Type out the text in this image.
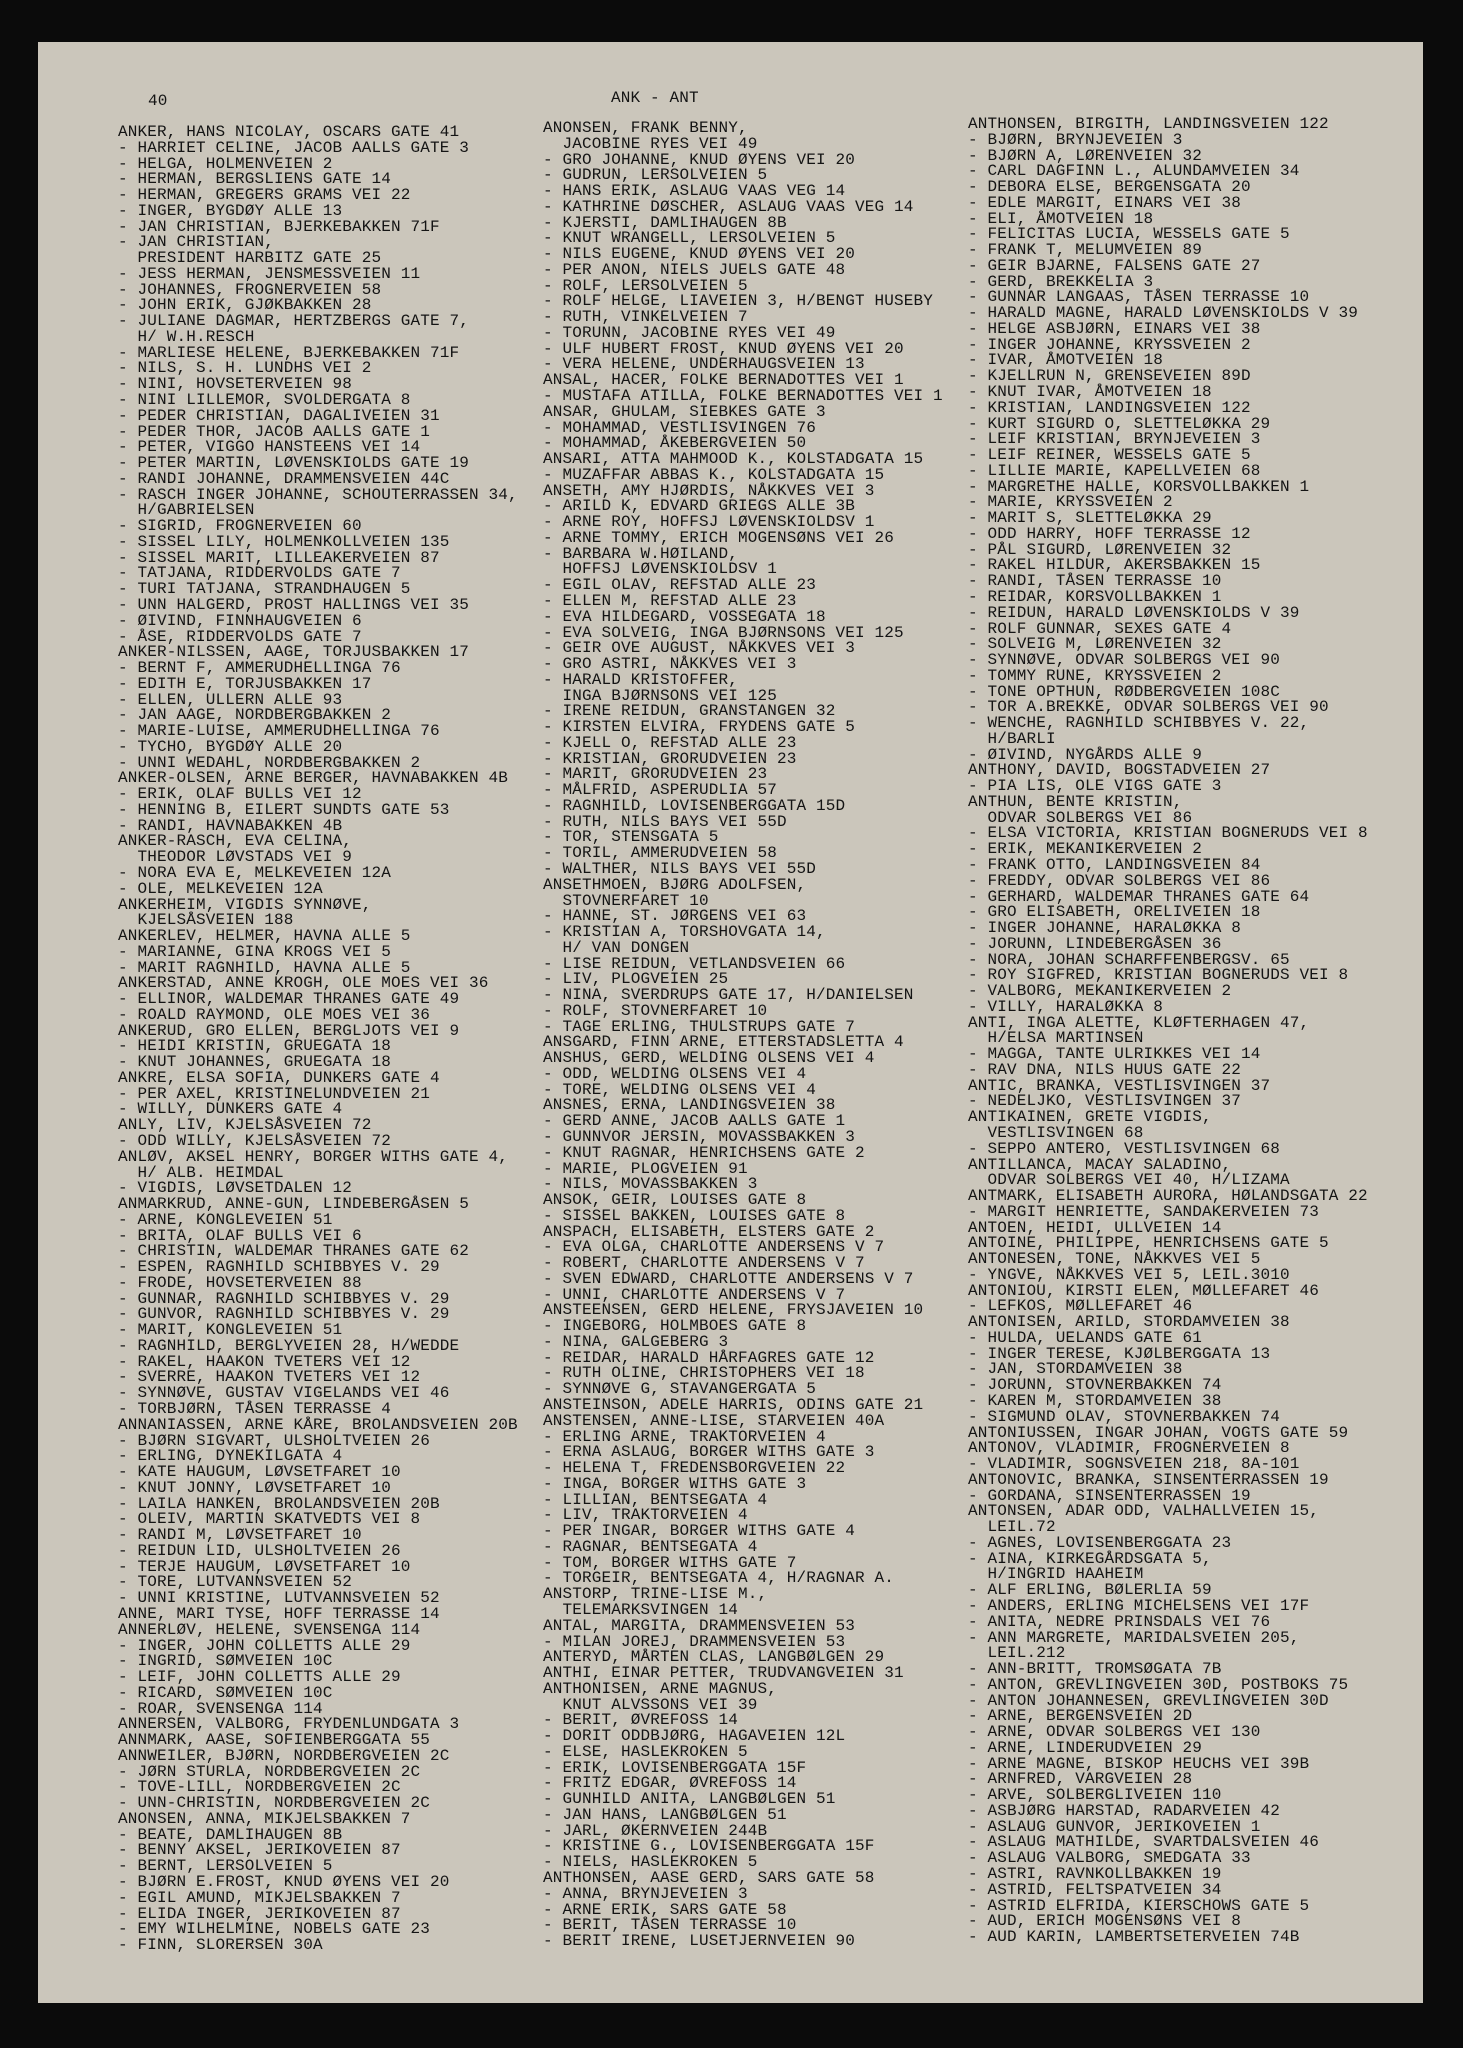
40	ANK - ANT
ANKER, HANS NICOLAY, OSCARS GATE 41
- HARRIET CELINE, JACOB AALLS GATE 3
- HELGA, HOLMENVEIEN 2
- HERMAN, BERGSLIENS GATE 14
- HERMAN, GREGERS GRAMS VEI 22
- INGER, BYGDØY ALLE 13
- JAN CHRISTIAN, BJERKEBAKKEN 71F
- JAN CHRISTIAN,
PRESIDENT HARBITZ GATE 25
- JESS HERMAN, JENSMESSVEIEN 11
- JOHANNES, FROGNERVEIEN 58
- JOHN ERIK, GJØKBAKKEN 28
- JULIANE DAGMAR, HERTZBERGS GATE 7,
H/ W.H.RESCH
- MARLIESE HELENE, BJERKEBAKKEN 71F
- NILS, S. H. LUNDHS VEI 2
- NINI, HOVSETERVEIEN 98
- NINI LILLEMOR, SVOLDERGATA 8
- PEDER CHRISTIAN, DAGALIVEIEN 31
- PEDER THOR, JACOB AALLS GATE 1
- PETER, VIGGO HANSTEENS VEI 14
- PETER MARTIN, LØVENSKIOLDS GATE 19
- RANDI JOHANNE, DRAMMENSVEIEN 44C
- RASCH INGER JOHANNE, SCHOUTERRASSEN 34,
H/GABRIELSEN
- SIGRID, FROGNERVEIEN 60
- SISSEL LILY, HOLMENKOLLVEIEN 135
- SISSEL MARIT, LILLEAKERVEIEN 87
- TATJANA, RIDDERVOLDS GATE 7
- TURI TATJANA, STRANDHAUGEN 5
- UNN HALGERD, PROST HALLINGS VEI 35
- ØIVIND, FINNHAUGVEIEN 6
- ÅSE, RIDDERVOLDS GATE 7
ANKER-NILSSEN, AAGE, TORJUSBAKKEN 17
- BERNT F, AMMERUDHELLINGA 76
- EDITH E, TORJUSBAKKEN 17
- ELLEN, ULLERN ALLE 93
- JAN AAGE, NORDBERGBAKKEN 2
- MARIE-LUISE, AMMERUDHELLINGA 76
- TYCHO, BYGDØY ALLE 20
- UNNI WEDAHL, NORDBERGBAKKEN 2
ANKER-OLSEN, ARNE BERGER, HAVNABAKKEN 4B
- ERIK, OLAF BULLS VEI 12
- HENNING B, EILERT SUNDTS GATE 53
- RANDI, HAVNABAKKEN 4B
ANKER-RASCH, EVA CELINA,
THEODOR LØVSTADS VEI 9
- NORA EVA E, MELKEVEIEN 12A
- OLE, MELKEVEIEN 12A
ANKERHEIM, VIGDIS SYNNØVE,
KJELSÅSVEIEN 188
ANKERLEV, HELMER, HAVNA ALLE 5
- MARIANNE, GINA KROGS VEI 5
- MARIT RAGNHILD, HAVNA ALLE 5
ANKERSTAD, ANNE KROGH, OLE MOES VEI 36
- ELLINOR, WALDEMAR THRANES GATE 49
- ROALD RAYMOND, OLE MOES VEI 36
ANKERUD, GRO ELLEN, BERGLJOTS VEI 9
- HEIDI KRISTIN, GRUEGATA 18
- KNUT JOHANNES, GRUEGATA 18
ANKRE, ELSA SOFIA, DUNKERS GATE 4
- PER AXEL, KRISTINELUNDVEIEN 21
- WILLY, DUNKERS GATE 4
ANLY, LIV, KJELSÅSVEIEN 72
- ODD WILLY, KJELSÅSVEIEN 72
ANLØV, AKSEL HENRY, BORGER WITHS GATE 4,
H/ ALB. HEIMDAL
- VIGDIS, LØVSETDALEN 12
ANMARKRUD, ANNE-GUN, LINDEBERGÅSEN 5
- ARNE, KONGLEVEIEN 51
- BRITA, OLAF BULLS VEI 6
- CHRISTIN, WALDEMAR THRANES GATE 62
- ESPEN, RAGNHILD SCHIBBYES V. 29
- FRODE, HOVSETERVEIEN 88
- GUNNAR, RAGNHILD SCHIBBYES V. 29
- GUNVOR, RAGNHILD SCHIBBYES V. 29
- MARIT, KONGLEVEIEN 51
- RAGNHILD, BERGLYVEIEN 28, H/WEDDE
- RAKEL, HAAKON TVETERS VEI 12
- SVERRE, HAAKON TVETERS VEI 12
- SYNNØVE, GUSTAV VIGELANDS VEI 46
- TORBJØRN, TÅSEN TERRASSE 4
ANNANIASSEN, ARNE KÅRE, BROLANDSVEIEN 20B
- BJØRN SIGVART, ULSHOLTVEIEN 26
- ERLING, DYNEKILGATA 4
- KATE HAUGUM, LØVSETFARET 10
- KNUT JONNY, LØVSETFARET 10
- LAILA HANKEN, BROLANDSVEIEN 20B
- OLEIV, MARTIN SKATVEDTS VEI 8
- RANDI M, LØVSETFARET 10
- REIDUN LID, ULSHOLTVEIEN 26
- TERJE HAUGUM, LØVSETFARET 10
- TORE, LUTVANNSVEIEN 52
- UNNI KRISTINE, LUTVANNSVEIEN 52
ANNE, MARI TYSE, HOFF TERRASSE 14
ANNERLØV, HELENE, SVENSENGA 114
- INGER, JOHN COLLETTS ALLE 29
- INGRID, SØMVEIEN 10C
- LEIF, JOHN COLLETTS ALLE 29
- RICARD, SØMVEIEN 10C
- ROAR, SVENSENGA 114
ANNERSEN, VALBORG, FRYDENLUNDGATA 3
ANNMARK, AASE, SOFIENBERGGATA 55
ANNWEILER, BJØRN, NORDBERGVEIEN 2C
- JØRN STURLA, NORDBERGVEIEN 2C
- TOVE-LILL, NORDBERGVEIEN 2C
- UNN-CHRISTIN, NORDBERGVEIEN 2C
ANONSEN, ANNA, MIKJELSBAKKEN 7
- BEATE, DAMLIHAUGEN 8B
- BENNY AKSEL, JERIKOVEIEN 87
- BERNT, LERSOLVEIEN 5
- BJØRN E.FROST, KNUD ØYENS VEI 20
- EGIL AMUND, MIKJELSBAKKEN 7
- ELIDA INGER, JERIKOVEIEN 87
- EMY WILHELMINE, NOBELS GATE 23
- FINN, SLORERSEN 30A
ANONSEN, FRANK BENNY,
JACOBINE RYES VEI 49
- GRO JOHANNE, KNUD ØYENS VEI 20
- GUDRUN, LERSOLVEIEN 5
- HANS ERIK, ASLAUG VAAS VEG 14
- KATHRINE DØSCHER, ASLAUG VAAS VEG 14
- KJERSTI, DAMLIHAUGEN 8B
- KNUT WRANGELL, LERSOLVEIEN 5
- NILS EUGENE, KNUD ØYENS VEI 20
- PER ANON, NIELS JUELS GATE 48
- ROLF, LERSOLVEIEN 5
- ROLF HELGE, LIAVEIEN 3, H/BENGT HUSEBY
- RUTH, VINKELVEIEN 7
- TORUNN, JACOBINE RYES VEI 49
- ULF HUBERT FROST, KNUD ØYENS VEI 20
- VERA HELENE, UNDERHAUGSVEIEN 13
ANSAL, HACER, FOLKE BERNADOTTES VEI 1
- MUSTAFA ATILLA, FOLKE BERNADOTTES VEI 1
ANSAR, GHULAM, SIEBKES GATE 3
- MOHAMMAD, VESTLISVINGEN 76
- MOHAMMAD, ÅKEBERGVEIEN 50
ANSARI, ATTA MAHMOOD K., KOLSTADGATA 15
- MUZAFFAR ABBAS K., KOLSTADGATA 15
ANSETH, AMY HJØRDIS, NÅKKVES VEI 3
- ARILD K, EDVARD GRIEGS ALLE 3B
- ARNE ROY, HOFFSJ LØVENSKIOLDSV 1
- ARNE TOMMY, ERICH MOGENSØNS VEI 26
- BARBARA W.HØILAND,
HOFFSJ LØVENSKIOLDSV 1
- EGIL OLAV, REFSTAD ALLE 23
- ELLEN M, REFSTAD ALLE 23
- EVA HILDEGARD, VOSSEGATA 18
- EVA SOLVEIG, INGA BJØRNSONS VEI 125
- GEIR OVE AUGUST, NÅKKVES VEI 3
- GRO ASTRI, NÅKKVES VEI 3
- HARALD KRISTOFFER,
INGA BJØRNSONS VEI 125
- IRENE REIDUN, GRANSTANGEN 32
- KIRSTEN ELVIRA, FRYDENS GATE 5
- KJELL O, REFSTAD ALLE 23
- KRISTIAN, GRORUDVEIEN 23
- MARIT, GRORUDVEIEN 23
- MÅLFRID, ASPERUDLIA 57
- RAGNHILD, LOVISENBERGGATA 15D
- RUTH, NILS BAYS VEI 55D
- TOR, STENSGATA 5
- TORIL, AMMERUDVEIEN 58
- WALTHER, NILS BAYS VEI 55D
ANSETHMOEN, BJØRG ADOLFSEN,
STOVNERFARET 10
- HANNE, ST. JØRGENS VEI 63
- KRISTIAN A, TORSHOVGATA 14,
H/ VAN DONGEN
- LISE REIDUN, VETLANDSVEIEN 66
- LIV, PLOGVEIEN 25
- NINA, SVERDRUPS GATE 17, H/DANIELSEN
- ROLF, STOVNERFARET 10
- TAGE ERLING, THULSTRUPS GATE 7
ANSGARD, FINN ARNE, ETTERSTADSLETTA 4
ANSHUS, GERD, WELDING OLSENS VEI 4
- ODD, WELDING OLSENS VEI 4
- TORE, WELDING OLSENS VEI 4
ANSNES, ERNA, LANDINGSVEIEN 38
- GERD ANNE, JACOB AALLS GATE 1
- GUNNVOR JERSIN, MOVASSBAKKEN 3
- KNUT RAGNAR, HENRICHSENS GATE 2
- MARIE, PLOGVEIEN 91
- NILS, MOVASSBAKKEN 3
ANSOK, GEIR, LOUISES GATE 8
- SISSEL BAKKEN, LOUISES GATE 8
ANSPACH, ELISABETH, ELSTERS GATE 2
- EVA OLGA, CHARLOTTE ANDERSENS V 7
- ROBERT, CHARLOTTE ANDERSENS V 7
- SVEN EDWARD, CHARLOTTE ANDERSENS V 7
- UNNI, CHARLOTTE ANDERSENS V 7
ANSTEENSEN, GERD HELENE, FRYSJAVEIEN 10
- INGEBORG, HOLMBOES GATE 8
- NINA, GALGEBERG 3
- REIDAR, HARALD HÅRFAGRES GATE 12
- RUTH OLINE, CHRISTOPHERS VEI 18
- SYNNØVE G, STAVANGERGATA 5
ANSTEINSON, ADELE HARRIS, ODINS GATE 21
ANSTENSEN, ANNE-LISE, STARVEIEN 40A
- ERLING ARNE, TRAKTORVEIEN 4
- ERNA ASLAUG, BORGER WITHS GATE 3
- HELENA T, FREDENSBORGVEIEN 22
- INGA, BORGER WITHS GATE 3
- LILLIAN, BENTSEGATA 4
- LIV, TRAKTORVEIEN 4
- PER INGAR, BORGER WITHS GATE 4
- RAGNAR, BENTSEGATA 4
- TOM, BORGER WITHS GATE 7
- TORGEIR, BENTSEGATA 4, H/RAGNAR A.
ANSTORP, TRINE-LISE M.,
TELEMARKSVINGEN 14
ANTAL, MARGITA, DRAMMENSVEIEN 53
- MILAN JOREJ, DRAMMENSVEIEN 53
ANTERYD, MÅRTEN CLAS, LANGBØLGEN 29
ANTHI, EINAR PETTER, TRUDVANGVEIEN 31
ANTHONISEN, ARNE MAGNUS,
KNUT ALVSSONS VEI 39
- BERIT, ØVREFOSS 14
- DORIT ODDBJØRG, HAGAVEIEN 12L
- ELSE, HASLEKROKEN 5
- ERIK, LOVISENBERGGATA 15F
- FRITZ EDGAR, ØVREFOSS 14
- GUNHILD ANITA, LANGBØLGEN 51
- JAN HANS, LANGBØLGEN 51
- JARL, ØKERNVEIEN 244B
- KRISTINE G., LOVISENBERGGATA 15F
- NIELS, HASLEKROKEN 5
ANTHONSEN, AASE GERD, SARS GATE 58
- ANNA, BRYNJEVEIEN 3
- ARNE ERIK, SARS GATE 58
- BERIT, TÅSEN TERRASSE 10
- BERIT IRENE, LUSETJERNVEIEN 90
ANTHONSEN, BIRGITH, LANDINGSVEIEN 122
- BJØRN, BRYNJEVEIEN 3
- BJØRN A, LØRENVEIEN 32
- CARL DAGFINN L., ALUNDAMVEIEN 34
- DEBORA ELSE, BERGENSGATA 20
- EDLE MARGIT, EINARS VEI 38
- ELI, ÅMOTVEIEN 18
- FELICITAS LUCIA, WESSELS GATE 5
- FRANK T, MELUMVEIEN 89
- GEIR BJARNE, FALSENS GATE 27
- GERD, BREKKELIA 3
- GUNNAR LANGAAS, TÅSEN TERRASSE 10
- HARALD MAGNE, HARALD LØVENSKIOLDS V 39
- HELGE ASBJØRN, EINARS VEI 38
- INGER JOHANNE, KRYSSVEIEN 2
- IVAR, ÅMOTVEIEN 18
- KJELLRUN N, GRENSEVEIEN 89D
- KNUT IVAR, ÅMOTVEIEN 18
- KRISTIAN, LANDINGSVEIEN 122
- KURT SIGURD O, SLETTELØKKA 29
- LEIF KRISTIAN, BRYNJEVEIEN 3
- LEIF REINER, WESSELS GATE 5
- LILLIE MARIE, KAPELLVEIEN 68
- MARGRETHE HALLE, KORSVOLLBAKKEN 1
- MARIE, KRYSSVEIEN 2
- MARIT S, SLETTELØKKA 29
- ODD HARRY, HOFF TERRASSE 12
- PÅL SIGURD, LØRENVEIEN 32
- RAKEL HILDUR, AKERSBAKKEN 15
- RANDI, TÅSEN TERRASSE 10
- REIDAR, KORSVOLLBAKKEN 1
- REIDUN, HARALD LØVENSKIOLDS V 39
- ROLF GUNNAR, SEXES GATE 4
- SOLVEIG M, LØRENVEIEN 32
- SYNNØVE, ODVAR SOLBERGS VEI 90
- TOMMY RUNE, KRYSSVEIEN 2
- TONE OPTHUN, RØDBERGVEIEN 108C
- TOR A.BREKKE, ODVAR SOLBERGS VEI 90
- WENCHE, RAGNHILD SCHIBBYES V. 22,
H/BARLI
- ØIVIND, NYGÅRDS ALLE 9
ANTHONY, DAVID, BOGSTADVEIEN 27
- PIA LIS, OLE VIGS GATE 3
ANTHUN, BENTE KRISTIN,
ODVAR SOLBERGS VEI 86
- ELSA VICTORIA, KRISTIAN BOGNERUDS VEI 8
- ERIK, MEKANIKERVEIEN 2
- FRANK OTTO, LANDINGSVEIEN 84
- FREDDY, ODVAR SOLBERGS VEI 86
- GERHARD, WALDEMAR THRANES GATE 64
- GRO ELISABETH, ORELIVEIEN 18
- INGER JOHANNE, HARALØKKA 8
- JORUNN, LINDEBERGÅSEN 36
- NORA, JOHAN SCHARFFENBERGSV. 65
- ROY SIGFRED, KRISTIAN BOGNERUDS VEI 8
- VALBORG, MEKANIKERVEIEN 2
- VILLY, HARALØKKA 8
ANTI, INGA ALETTE, KLØFTERHAGEN 47,
H/ELSA MARTINSEN
- MAGGA, TANTE ULRIKKES VEI 14
- RAV DNA, NILS HUUS GATE 22
ANTIC, BRANKA, VESTLISVINGEN 37
- NEDELJKO, VESTLISVINGEN 37
ANTIKAINEN, GRETE VIGDIS,
VESTLISVINGEN 68
- SEPPO ANTERO, VESTLISVINGEN 68
ANTILLANCA, MACAY SALADINO,
ODVAR SOLBERGS VEI 40, H/LIZAMA
ANTMARK, ELISABETH AURORA, HØLANDSGATA 22
- MARGIT HENRIETTE, SANDAKERVEIEN 73
ANTOEN, HEIDI, ULLVEIEN 14
ANTOINE, PHILIPPE, HENRICHSENS GATE 5
ANTONESEN, TONE, NÅKKVES VEI 5
- YNGVE, NÅKKVES VEI 5, LEIL.3010
ANTONIOU, KIRSTI ELEN, MØLLEFARET 46
- LEFKOS, MØLLEFARET 46
ANTONISEN, ARILD, STORDAMVEIEN 38
- HULDA, UELANDS GATE 61
- INGER TERESE, KJØLBERGGATA 13
- JAN, STORDAMVEIEN 38
- JORUNN, STOVNERBAKKEN 74
- KAREN M, STORDAMVEIEN 38
- SIGMUND OLAV, STOVNERBAKKEN 74
ANTONIUSSEN, INGAR JOHAN, VOGTS GATE 59
ANTONOV, VLADIMIR, FROGNERVEIEN 8
- VLADIMIR, SOGNSVEIEN 218, 8A-101
ANTONOVIC, BRANKA, SINSENTERRASSEN 19
- GORDANA, SINSENTERRASSEN 19
ANTONSEN, ADAR ODD, VALHALLVEIEN 15,
LEIL.72
- AGNES, LOVISENBERGGATA 23
- AINA, KIRKEGÅRDSGATA 5,
H/INGRID HAAHEIM
- ALF ERLING, BØLERLIA 59
- ANDERS, ERLING MICHELSENS VEI 17F
- ANITA, NEDRE PRINSDALS VEI 76
- ANN MARGRETE, MARIDALSVEIEN 205,
LEIL.212
- ANN-BRITT, TROMSØGATA 7B
- ANTON, GREVLINGVEIEN 30D, POSTBOKS 75
- ANTON JOHANNESEN, GREVLINGVEIEN 30D
- ARNE, BERGENSVEIEN 2D
- ARNE, ODVAR SOLBERGS VEI 130
- ARNE, LINDERUDVEIEN 29
- ARNE MAGNE, BISKOP HEUCHS VEI 39B
- ARNFRED, VARGVEIEN 28
- ARVE, SOLBERGLIVEIEN 110
- ASBJØRG HARSTAD, RADARVEIEN 42
- ASLAUG GUNVOR, JERIKOVEIEN 1
- ASLAUG MATHILDE, SVARTDALSVEIEN 46
- ASLAUG VALBORG, SMEDGATA 33
- ASTRI, RAVNKOLLBAKKEN 19
- ASTRID, FELTSPATVEIEN 34
- ASTRID ELFRIDA, KIERSCHOWS GATE 5
- AUD, ERICH MOGENSØNS VEI 8
- AUD KARIN, LAMBERTSETERVEIEN 74B
